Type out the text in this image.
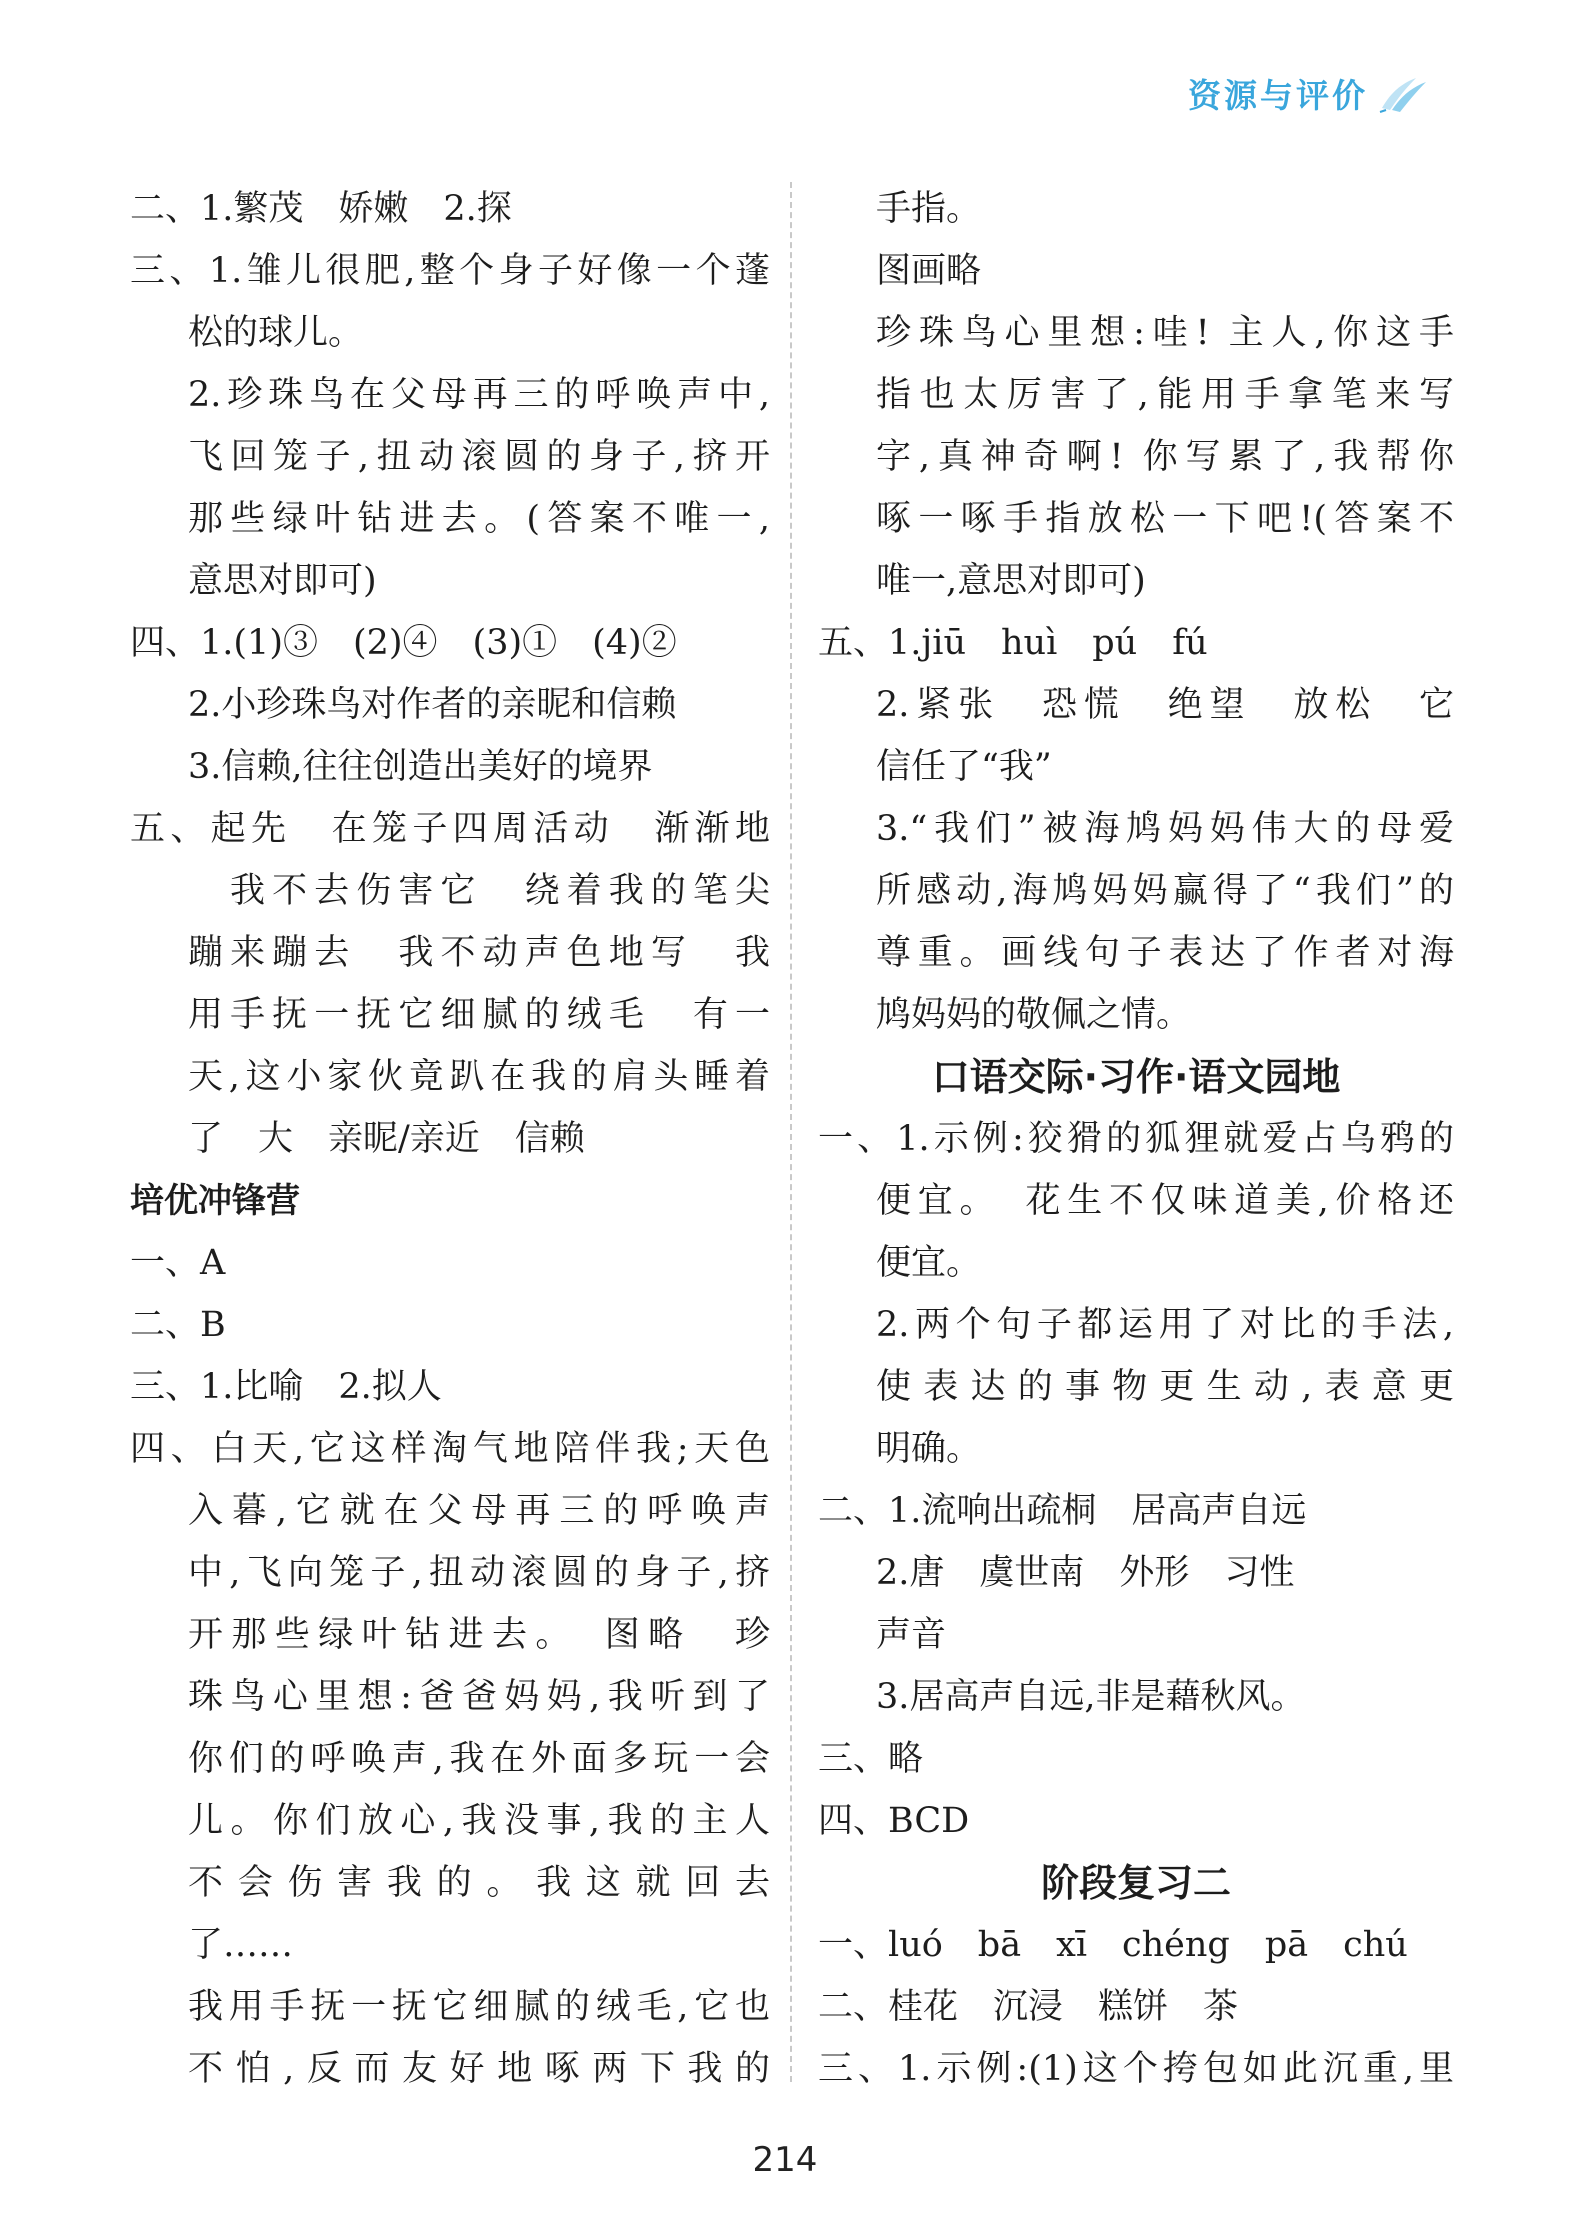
资源与评价
二、1.繁茂　娇嫩　2.探
三、1.雏儿很肥,整个身子好像一个蓬
松的球儿。
2.珍珠鸟在父母再三的呼唤声中,
飞回笼子,扭动滚圆的身子,挤开
那些绿叶钻进去。(答案不唯一,
意思对即可)
四、1.(1)③　(2)④　(3)①　(4)②
2.小珍珠鸟对作者的亲昵和信赖
3.信赖,往往创造出美好的境界
五、起先　在笼子四周活动　渐渐地
我不去伤害它　绕着我的笔尖
蹦来蹦去　我不动声色地写　我
用手抚一抚它细腻的绒毛　有一
天,这小家伙竟趴在我的肩头睡着
了　大　亲昵/亲近　信赖
培优冲锋营
一、A
二、B
三、1.比喻　2.拟人
四、白天,它这样淘气地陪伴我;天色
入暮,它就在父母再三的呼唤声
中,飞向笼子,扭动滚圆的身子,挤
开那些绿叶钻进去。　图略　珍
珠鸟心里想:爸爸妈妈,我听到了
你们的呼唤声,我在外面多玩一会
儿。你们放心,我没事,我的主人
不会伤害我的。我这就回去
了……
我用手抚一抚它细腻的绒毛,它也
不怕,反而友好地啄两下我的
手指。
图画略
珍珠鸟心里想:哇! 主人,你这手
指也太厉害了,能用手拿笔来写
字,真神奇啊! 你写累了,我帮你
啄一啄手指放松一下吧!(答案不
唯一,意思对即可)
五、1.jiū　huì　pú　fú
2.紧张　恐慌　绝望　放松　它
信任了“我”
3.“我们”被海鸠妈妈伟大的母爱
所感动,海鸠妈妈赢得了“我们”的
尊重。画线句子表达了作者对海
鸠妈妈的敬佩之情。
口语交际·习作·语文园地
一、1.示例:狡猾的狐狸就爱占乌鸦的
便宜。　花生不仅味道美,价格还
便宜。
2.两个句子都运用了对比的手法,
使表达的事物更生动,表意更
明确。
二、1.流响出疏桐　居高声自远
2.唐　虞世南　外形　习性
声音
3.居高声自远,非是藉秋风。
三、略
四、BCD
阶段复习二
一、luó　bā　xī　chéng　pā　chú
二、桂花　沉浸　糕饼　茶
三、1.示例:(1)这个挎包如此沉重,里
214
